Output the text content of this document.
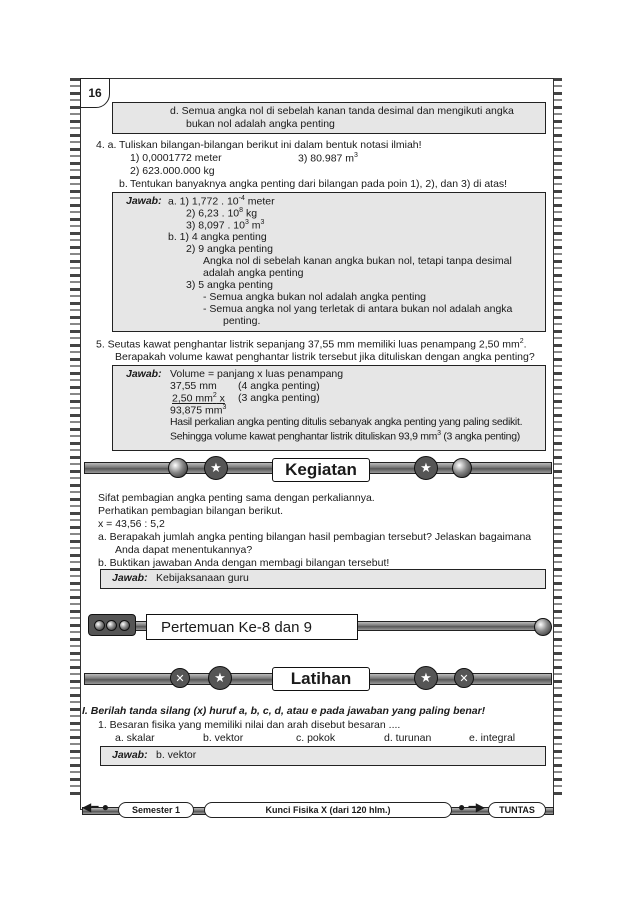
16
d. Semua angka nol di sebelah kanan tanda desimal dan mengikuti angka
bukan nol adalah angka penting
4. a. Tuliskan bilangan-bilangan berikut ini dalam bentuk notasi ilmiah!
1) 0,0001772 meter	3) 80.987 $m^3$
2) 623.000.000 kg
b. Tentukan banyaknya angka penting dari bilangan pada poin 1), 2), dan 3) di atas!
Jawab: a. 1) 1,772 . $10^{-4}$ meter
2) 6,23 . $10^8$ kg
3) 8,097 . $10^3$ $m^3$
b. 1) 4 angka penting
2) 9 angka penting
Angka nol di sebelah kanan angka bukan nol, tetapi tanpa desimal
adalah angka penting
3) 5 angka penting
- Semua angka bukan nol adalah angka penting
- Semua angka nol yang terletak di antara bukan nol adalah angka
penting.
5. Seutas kawat penghantar listrik sepanjang 37,55 mm memiliki luas penampang 2,50 $mm^2$.
Berapakah volume kawat penghantar listrik tersebut jika dituliskan dengan angka penting?
Jawab: Volume = panjang x luas penampang
37,55 mm (4 angka penting)
2,50 $mm^2$ x (3 angka penting)
93,875 $mm^3$
Hasil perkalian angka penting ditulis sebanyak angka penting yang paling sedikit.
Sehingga volume kawat penghantar listrik dituliskan 93,9 $mm^3$ (3 angka penting)
★	Kegiatan	★
Sifat pembagian angka penting sama dengan perkaliannya.
Perhatikan pembagian bilangan berikut.
x = 43,56 : 5,2
a. Berapakah jumlah angka penting bilangan hasil pembagian tersebut? Jelaskan bagaimana
Anda dapat menentukannya?
b. Buktikan jawaban Anda dengan membagi bilangan tersebut!
Jawab: Kebijaksanaan guru
Pertemuan Ke-8 dan 9
✕	★	Latihan	★	✕
I. Berilah tanda silang (x) huruf a, b, c, d, atau e pada jawaban yang paling benar!
1. Besaran fisika yang memiliki nilai dan arah disebut besaran ....
a. skalar	b. vektor	c. pokok	d. turunan	e. integral
Jawab: b. vektor
◀━ ●	Semester 1	Kunci Fisika X (dari 120 hlm.)	● ━▶	TUNTAS
